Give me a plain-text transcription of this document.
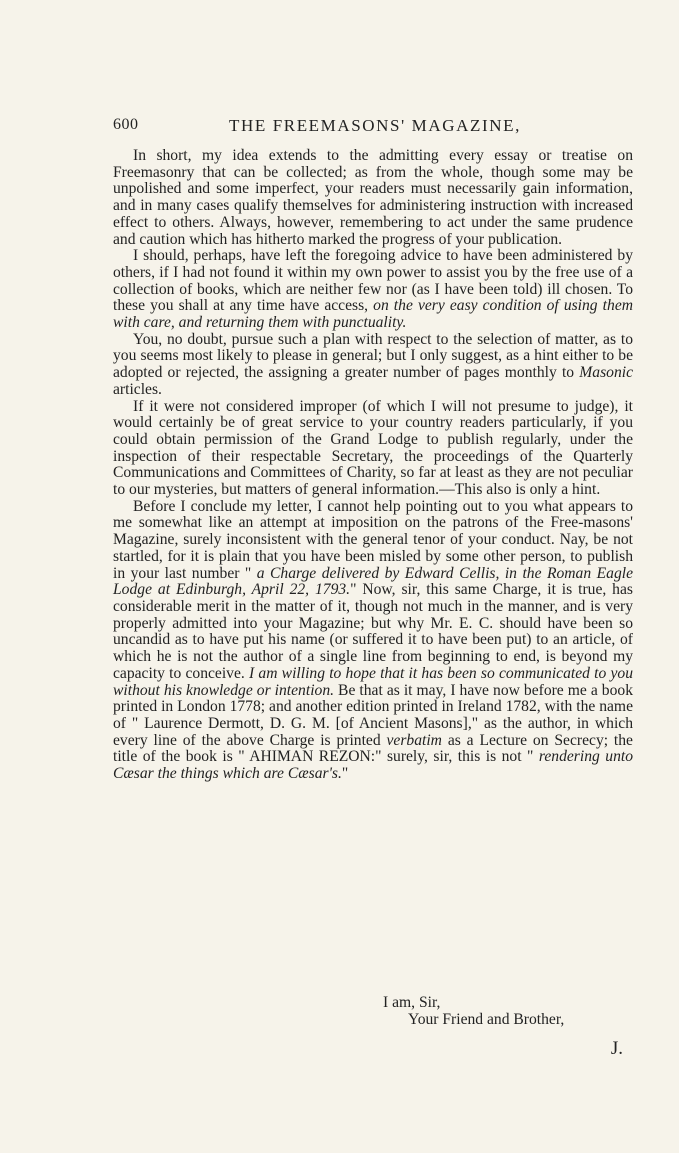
600	THE FREEMASONS' MAGAZINE,

In short, my idea extends to the admitting every essay or treatise on Freemasonry that can be collected; as from the whole, though some may be unpolished and some imperfect, your readers must necessarily gain information, and in many cases qualify themselves for administering instruction with increased effect to others. Always, however, remembering to act under the same prudence and caution which has hitherto marked the progress of your publication.

I should, perhaps, have left the foregoing advice to have been administered by others, if I had not found it within my own power to assist you by the free use of a collection of books, which are neither few nor (as I have been told) ill chosen. To these you shall at any time have access, on the very easy condition of using them with care, and returning them with punctuality.

You, no doubt, pursue such a plan with respect to the selection of matter, as to you seems most likely to please in general; but I only suggest, as a hint either to be adopted or rejected, the assigning a greater number of pages monthly to Masonic articles.

If it were not considered improper (of which I will not presume to judge), it would certainly be of great service to your country readers particularly, if you could obtain permission of the Grand Lodge to publish regularly, under the inspection of their respectable Secretary, the proceedings of the Quarterly Communications and Committees of Charity, so far at least as they are not peculiar to our mysteries, but matters of general information.—This also is only a hint.

Before I conclude my letter, I cannot help pointing out to you what appears to me somewhat like an attempt at imposition on the patrons of the Free-masons' Magazine, surely inconsistent with the general tenor of your conduct. Nay, be not startled, for it is plain that you have been misled by some other person, to publish in your last number " a Charge delivered by Edward Cellis, in the Roman Eagle Lodge at Edinburgh, April 22, 1793." Now, sir, this same Charge, it is true, has considerable merit in the matter of it, though not much in the manner, and is very properly admitted into your Magazine; but why Mr. E. C. should have been so uncandid as to have put his name (or suffered it to have been put) to an article, of which he is not the author of a single line from beginning to end, is beyond my capacity to conceive. I am willing to hope that it has been so communicated to you without his knowledge or intention. Be that as it may, I have now before me a book printed in London 1778; and another edition printed in Ireland 1782, with the name of " Laurence Dermott, D. G. M. [of Ancient Masons]," as the author, in which every line of the above Charge is printed verbatim as a Lecture on Secrecy; the title of the book is " AHIMAN REZON:" surely, sir, this is not " rendering unto Cæsar the things which are Cæsar's."

I am, Sir,
Your Friend and Brother,
J.
